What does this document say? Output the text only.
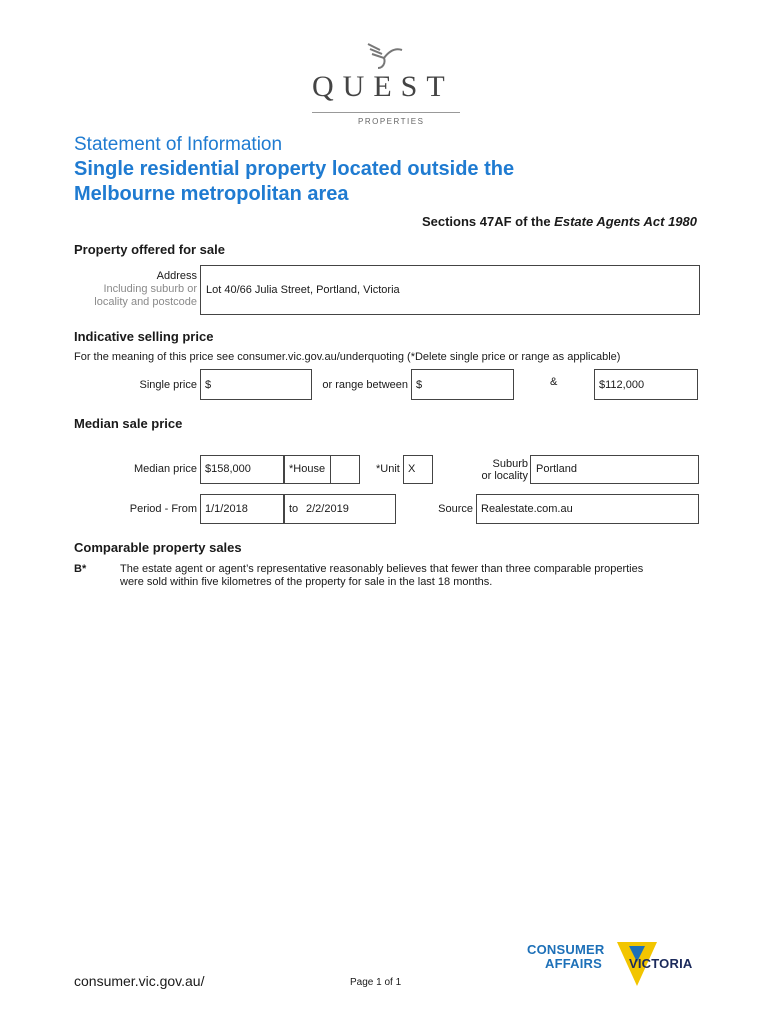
QUEST
PROPERTIES
Statement of Information
Single residential property located outside the
Melbourne metropolitan area
Sections 47AF of the Estate Agents Act 1980
Property offered for sale
Address
Including suburb or
locality and postcode
Lot 40/66 Julia Street, Portland, Victoria
Indicative selling price
For the meaning of this price see consumer.vic.gov.au/underquoting (*Delete single price or range as applicable)
Single price $	or range between $	&	$112,000
Median sale price
Median price $158,000	*House	*Unit X	Suburb
or locality
Portland
Period - From 1/1/2018	to 2/2/2019	Source Realestate.com.au
Comparable property sales
B*	The estate agent or agent’s representative reasonably believes that fewer than three comparable properties
were sold within five kilometres of the property for sale in the last 18 months.
consumer.vic.gov.au/	Page 1 of 1
CONSUMER
AFFAIRS VICTORIA
